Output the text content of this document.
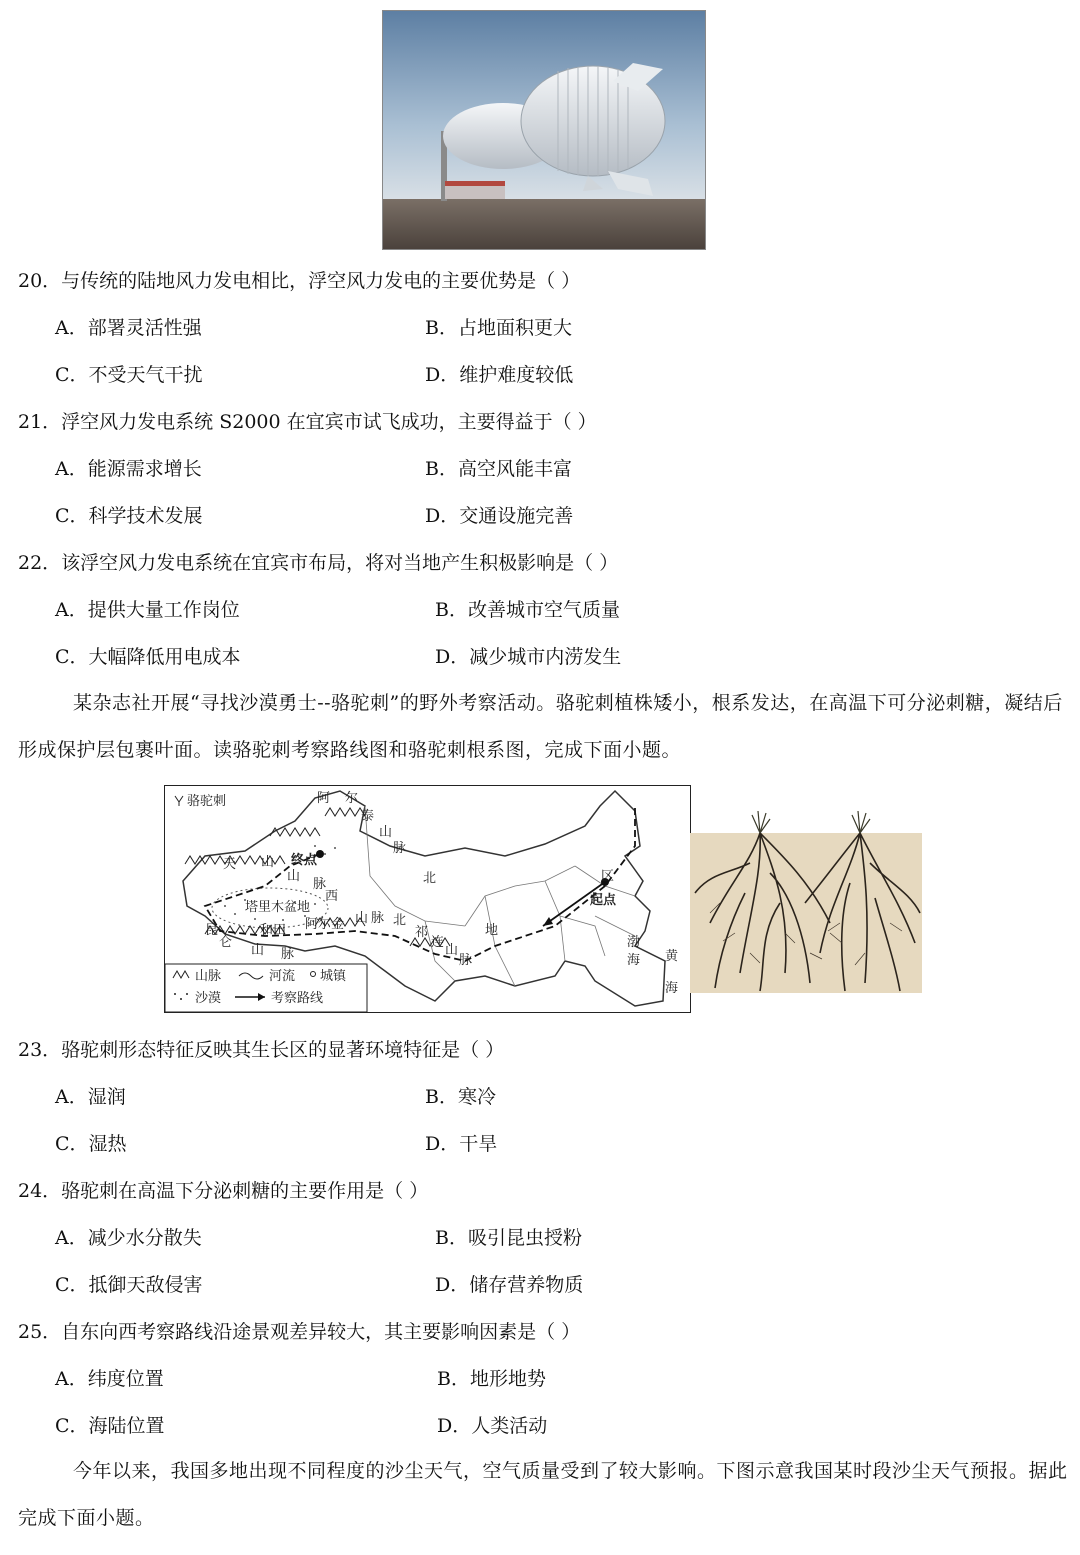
20．与传统的陆地风力发电相比，浮空风力发电的主要优势是（ ）
A．部署灵活性强	B．占地面积更大
C．不受天气干扰	D．维护难度较低
21．浮空风力发电系统 S2000 在宜宾市试飞成功，主要得益于（ ）
A．能源需求增长	B．高空风能丰富
C．科学技术发展	D．交通设施完善
22．该浮空风力发电系统在宜宾市布局，将对当地产生积极影响是（ ）
A．提供大量工作岗位	B．改善城市空气质量
C．大幅降低用电成本	D．减少城市内涝发生
某杂志社开展“寻找沙漠勇士--骆驼刺”的野外考察活动。骆驼刺植株矮小，根系发达，在高温下可分泌刺糖，凝结后形成保护层包裹叶面。读骆驼刺考察路线图和骆驼刺根系图，完成下面小题。
骆驼刺
山脉	河流 城镇
沙漠	考察路线
终点
起点
塔里木盆地
和田
天 山
山
脉
阿 尔
泰
山
脉
西
北
北
区
地
祁
连
山
脉
阿尔金 山 脉
昆
仑
山 脉
渤
海 黄
海
23．骆驼刺形态特征反映其生长区的显著环境特征是（ ）
A．湿润	B．寒冷
C．湿热	D．干旱
24．骆驼刺在高温下分泌刺糖的主要作用是（ ）
A．减少水分散失	B．吸引昆虫授粉
C．抵御天敌侵害	D．储存营养物质
25．自东向西考察路线沿途景观差异较大，其主要影响因素是（ ）
A．纬度位置	B．地形地势
C．海陆位置	D．人类活动
今年以来，我国多地出现不同程度的沙尘天气，空气质量受到了较大影响。下图示意我国某时段沙尘天气预报。据此完成下面小题。
